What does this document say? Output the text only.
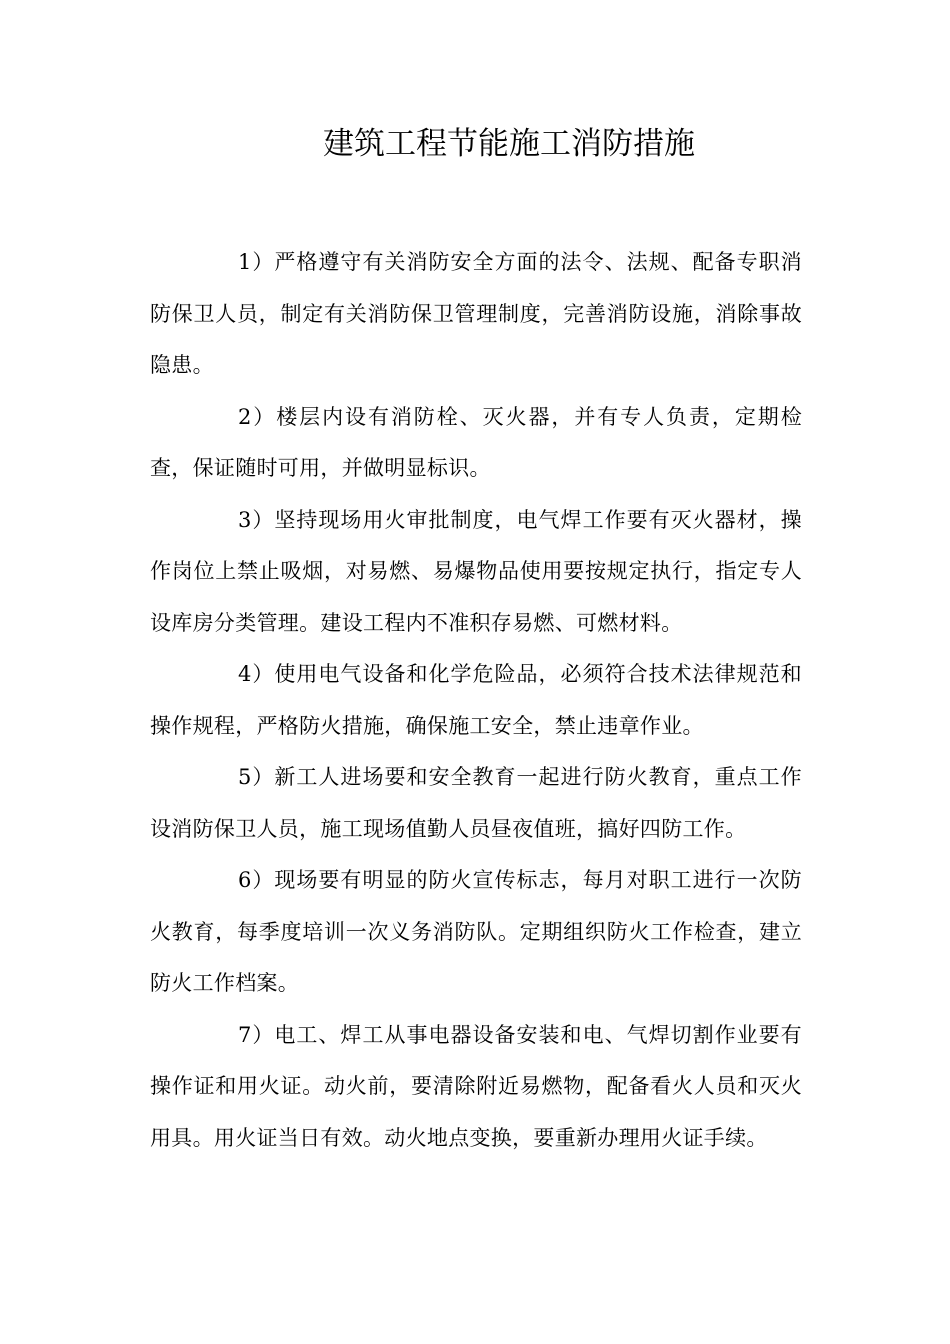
建筑工程节能施工消防措施

1）严格遵守有关消防安全方面的法令、法规、配备专职消防保卫人员，制定有关消防保卫管理制度，完善消防设施，消除事故隐患。

2）楼层内设有消防栓、灭火器，并有专人负责，定期检查，保证随时可用，并做明显标识。

3）坚持现场用火审批制度，电气焊工作要有灭火器材，操作岗位上禁止吸烟，对易燃、易爆物品使用要按规定执行，指定专人设库房分类管理。建设工程内不准积存易燃、可燃材料。

4）使用电气设备和化学危险品，必须符合技术法律规范和操作规程，严格防火措施，确保施工安全，禁止违章作业。

5）新工人进场要和安全教育一起进行防火教育，重点工作设消防保卫人员，施工现场值勤人员昼夜值班，搞好四防工作。

6）现场要有明显的防火宣传标志，每月对职工进行一次防火教育，每季度培训一次义务消防队。定期组织防火工作检查，建立防火工作档案。

7）电工、焊工从事电器设备安装和电、气焊切割作业要有操作证和用火证。动火前，要清除附近易燃物，配备看火人员和灭火用具。用火证当日有效。动火地点变换，要重新办理用火证手续。
